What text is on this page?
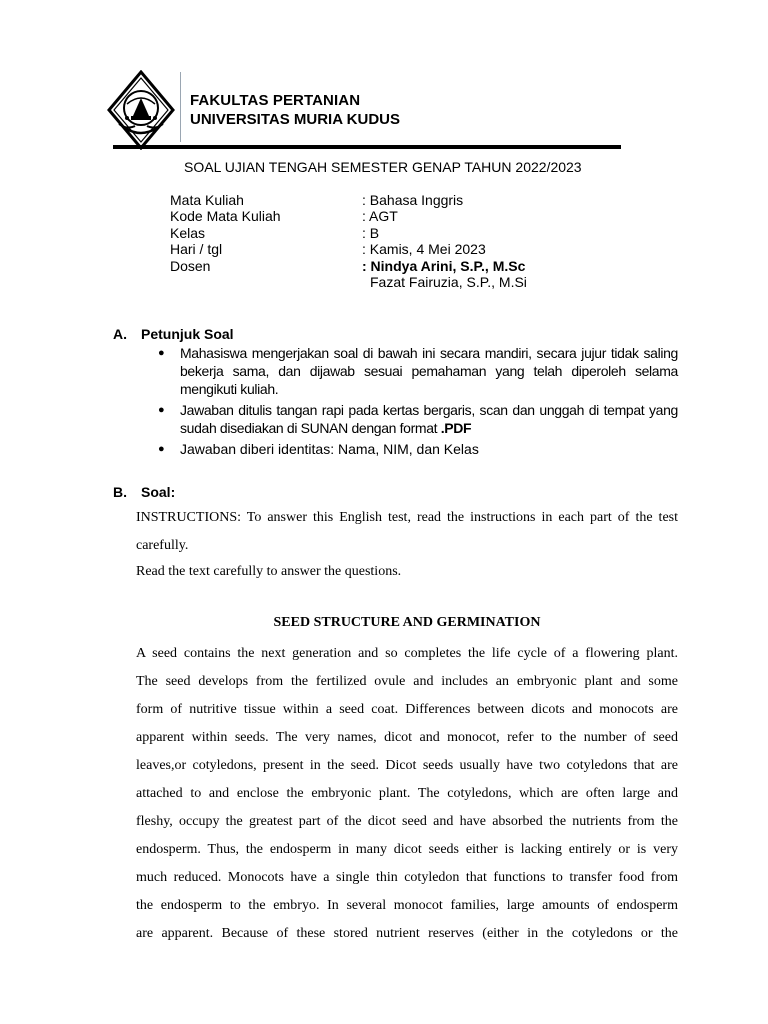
FAKULTAS PERTANIAN
UNIVERSITAS MURIA KUDUS
SOAL UJIAN TENGAH SEMESTER GENAP TAHUN 2022/2023
Mata Kuliah	: Bahasa Inggris
Kode Mata Kuliah	: AGT
Kelas	: B
Hari / tgl	: Kamis, 4 Mei 2023
Dosen	: Nindya Arini, S.P., M.Sc
Fazat Fairuzia, S.P., M.Si
A. Petunjuk Soal
● Mahasiswa mengerjakan soal di bawah ini secara mandiri, secara jujur tidak saling bekerja sama, dan dijawab sesuai pemahaman yang telah diperoleh selama mengikuti kuliah.
● Jawaban ditulis tangan rapi pada kertas bergaris, scan dan unggah di tempat yang sudah disediakan di SUNAN dengan format .PDF
● Jawaban diberi identitas: Nama, NIM, dan Kelas
B. Soal:
INSTRUCTIONS: To answer this English test, read the instructions in each part of the test carefully.
Read the text carefully to answer the questions.
SEED STRUCTURE AND GERMINATION
A seed contains the next generation and so completes the life cycle of a flowering plant.
The seed develops from the fertilized ovule and includes an embryonic plant and some
form of nutritive tissue within a seed coat. Differences between dicots and monocots are
apparent within seeds. The very names, dicot and monocot, refer to the number of seed
leaves,or cotyledons, present in the seed. Dicot seeds usually have two cotyledons that are
attached to and enclose the embryonic plant. The cotyledons, which are often large and
fleshy, occupy the greatest part of the dicot seed and have absorbed the nutrients from the
endosperm. Thus, the endosperm in many dicot seeds either is lacking entirely or is very
much reduced. Monocots have a single thin cotyledon that functions to transfer food from
the endosperm to the embryo. In several monocot families, large amounts of endosperm
are apparent. Because of these stored nutrient reserves (either in the cotyledons or the
